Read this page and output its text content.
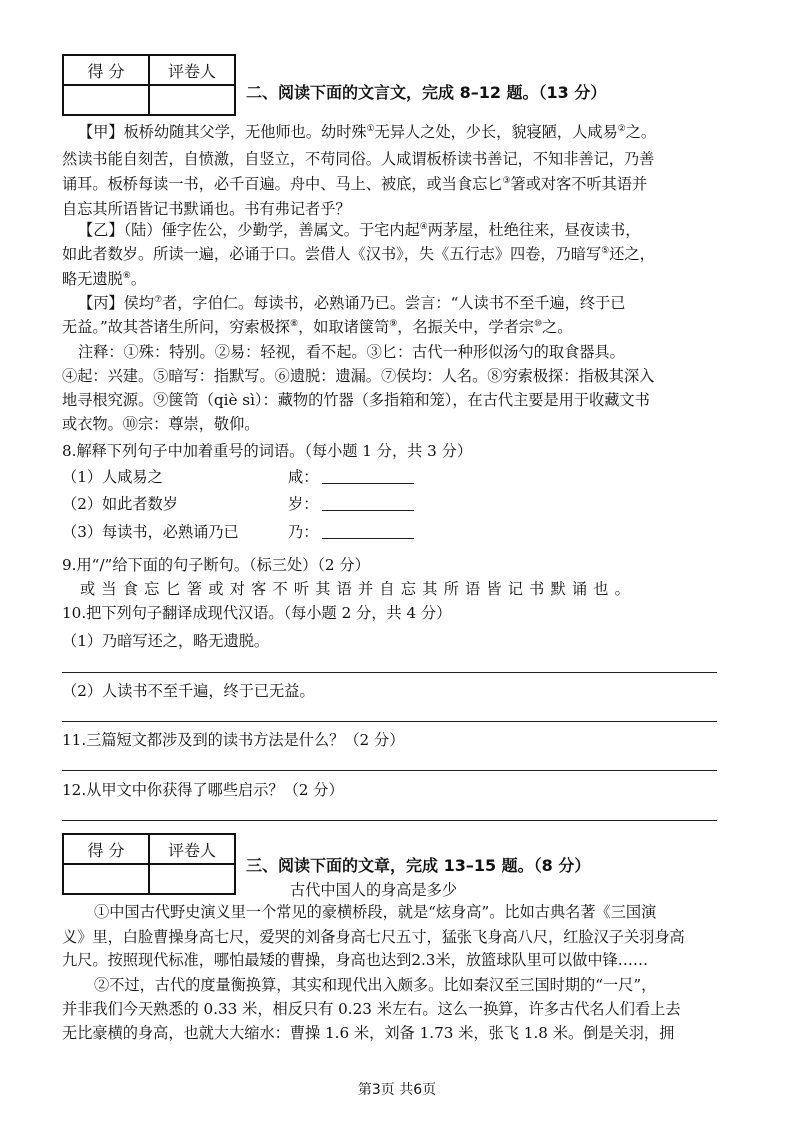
得 分	评卷人

二、阅读下面的文言文，完成 8–12 题。（13 分）
【甲】板桥幼随其父学，无他师也。幼时殊①无异人之处，少长，貌寝陋，人咸易②之。
然读书能自刻苦，自愤激，自竖立，不苟同俗。人咸谓板桥读书善记，不知非善记，乃善
诵耳。板桥每读一书，必千百遍。舟中、马上、被底，或当食忘匕③箸或对客不听其语并
自忘其所语皆记书默诵也。书有弗记者乎？
【乙】（陆）倕字佐公，少勤学，善属文。于宅内起④两茅屋，杜绝往来，昼夜读书，
如此者数岁。所读一遍，必诵于口。尝借人《汉书》，失《五行志》四卷，乃暗写⑤还之，
略无遗脱⑥。
【丙】侯均⑦者，字伯仁。每读书，必熟诵乃已。尝言：“人读书不至千遍，终于已
无益。”故其荅诸生所问，穷索极探⑧，如取诸箧笥⑨，名振关中，学者宗⑩之。
注释：①殊：特别。②易：轻视，看不起。③匕：古代一种形似汤勺的取食器具。
④起：兴建。⑤暗写：指默写。⑥遗脱：遗漏。⑦侯均：人名。⑧穷索极探：指极其深入
地寻根究源。⑨箧笥（qiè sì）：藏物的竹器（多指箱和笼），在古代主要是用于收藏文书
或衣物。⑩宗：尊崇，敬仰。
8.解释下列句子中加着重号的词语。（每小题 1 分，共 3 分）
（1）人咸易之	咸：
（2）如此者数岁	岁：
（3）每读书，必熟诵乃已	乃：
9.用“/”给下面的句子断句。（标三处）（2 分）
或当食忘匕箸或对客不听其语并自忘其所语皆记书默诵也。
10.把下列句子翻译成现代汉语。（每小题 2 分，共 4 分）
（1）乃暗写还之，略无遗脱。
（2）人读书不至千遍，终于已无益。
11.三篇短文都涉及到的读书方法是什么？（2 分）
12.从甲文中你获得了哪些启示？（2 分）
得 分	评卷人

三、阅读下面的文章，完成 13–15 题。（8 分）
古代中国人的身高是多少
①中国古代野史演义里一个常见的豪横桥段，就是“炫身高”。比如古典名著《三国演
义》里，白脸曹操身高七尺，爱哭的刘备身高七尺五寸，猛张飞身高八尺，红脸汉子关羽身高
九尺。按照现代标准，哪怕最矮的曹操，身高也达到2.3米，放篮球队里可以做中锋……
②不过，古代的度量衡换算，其实和现代出入颇多。比如秦汉至三国时期的“一尺”，
并非我们今天熟悉的 0.33 米，相反只有 0.23 米左右。这么一换算，许多古代名人们看上去
无比豪横的身高，也就大大缩水：曹操 1.6 米，刘备 1.73 米，张飞 1.8 米。倒是关羽，拥
第3页 共6页
